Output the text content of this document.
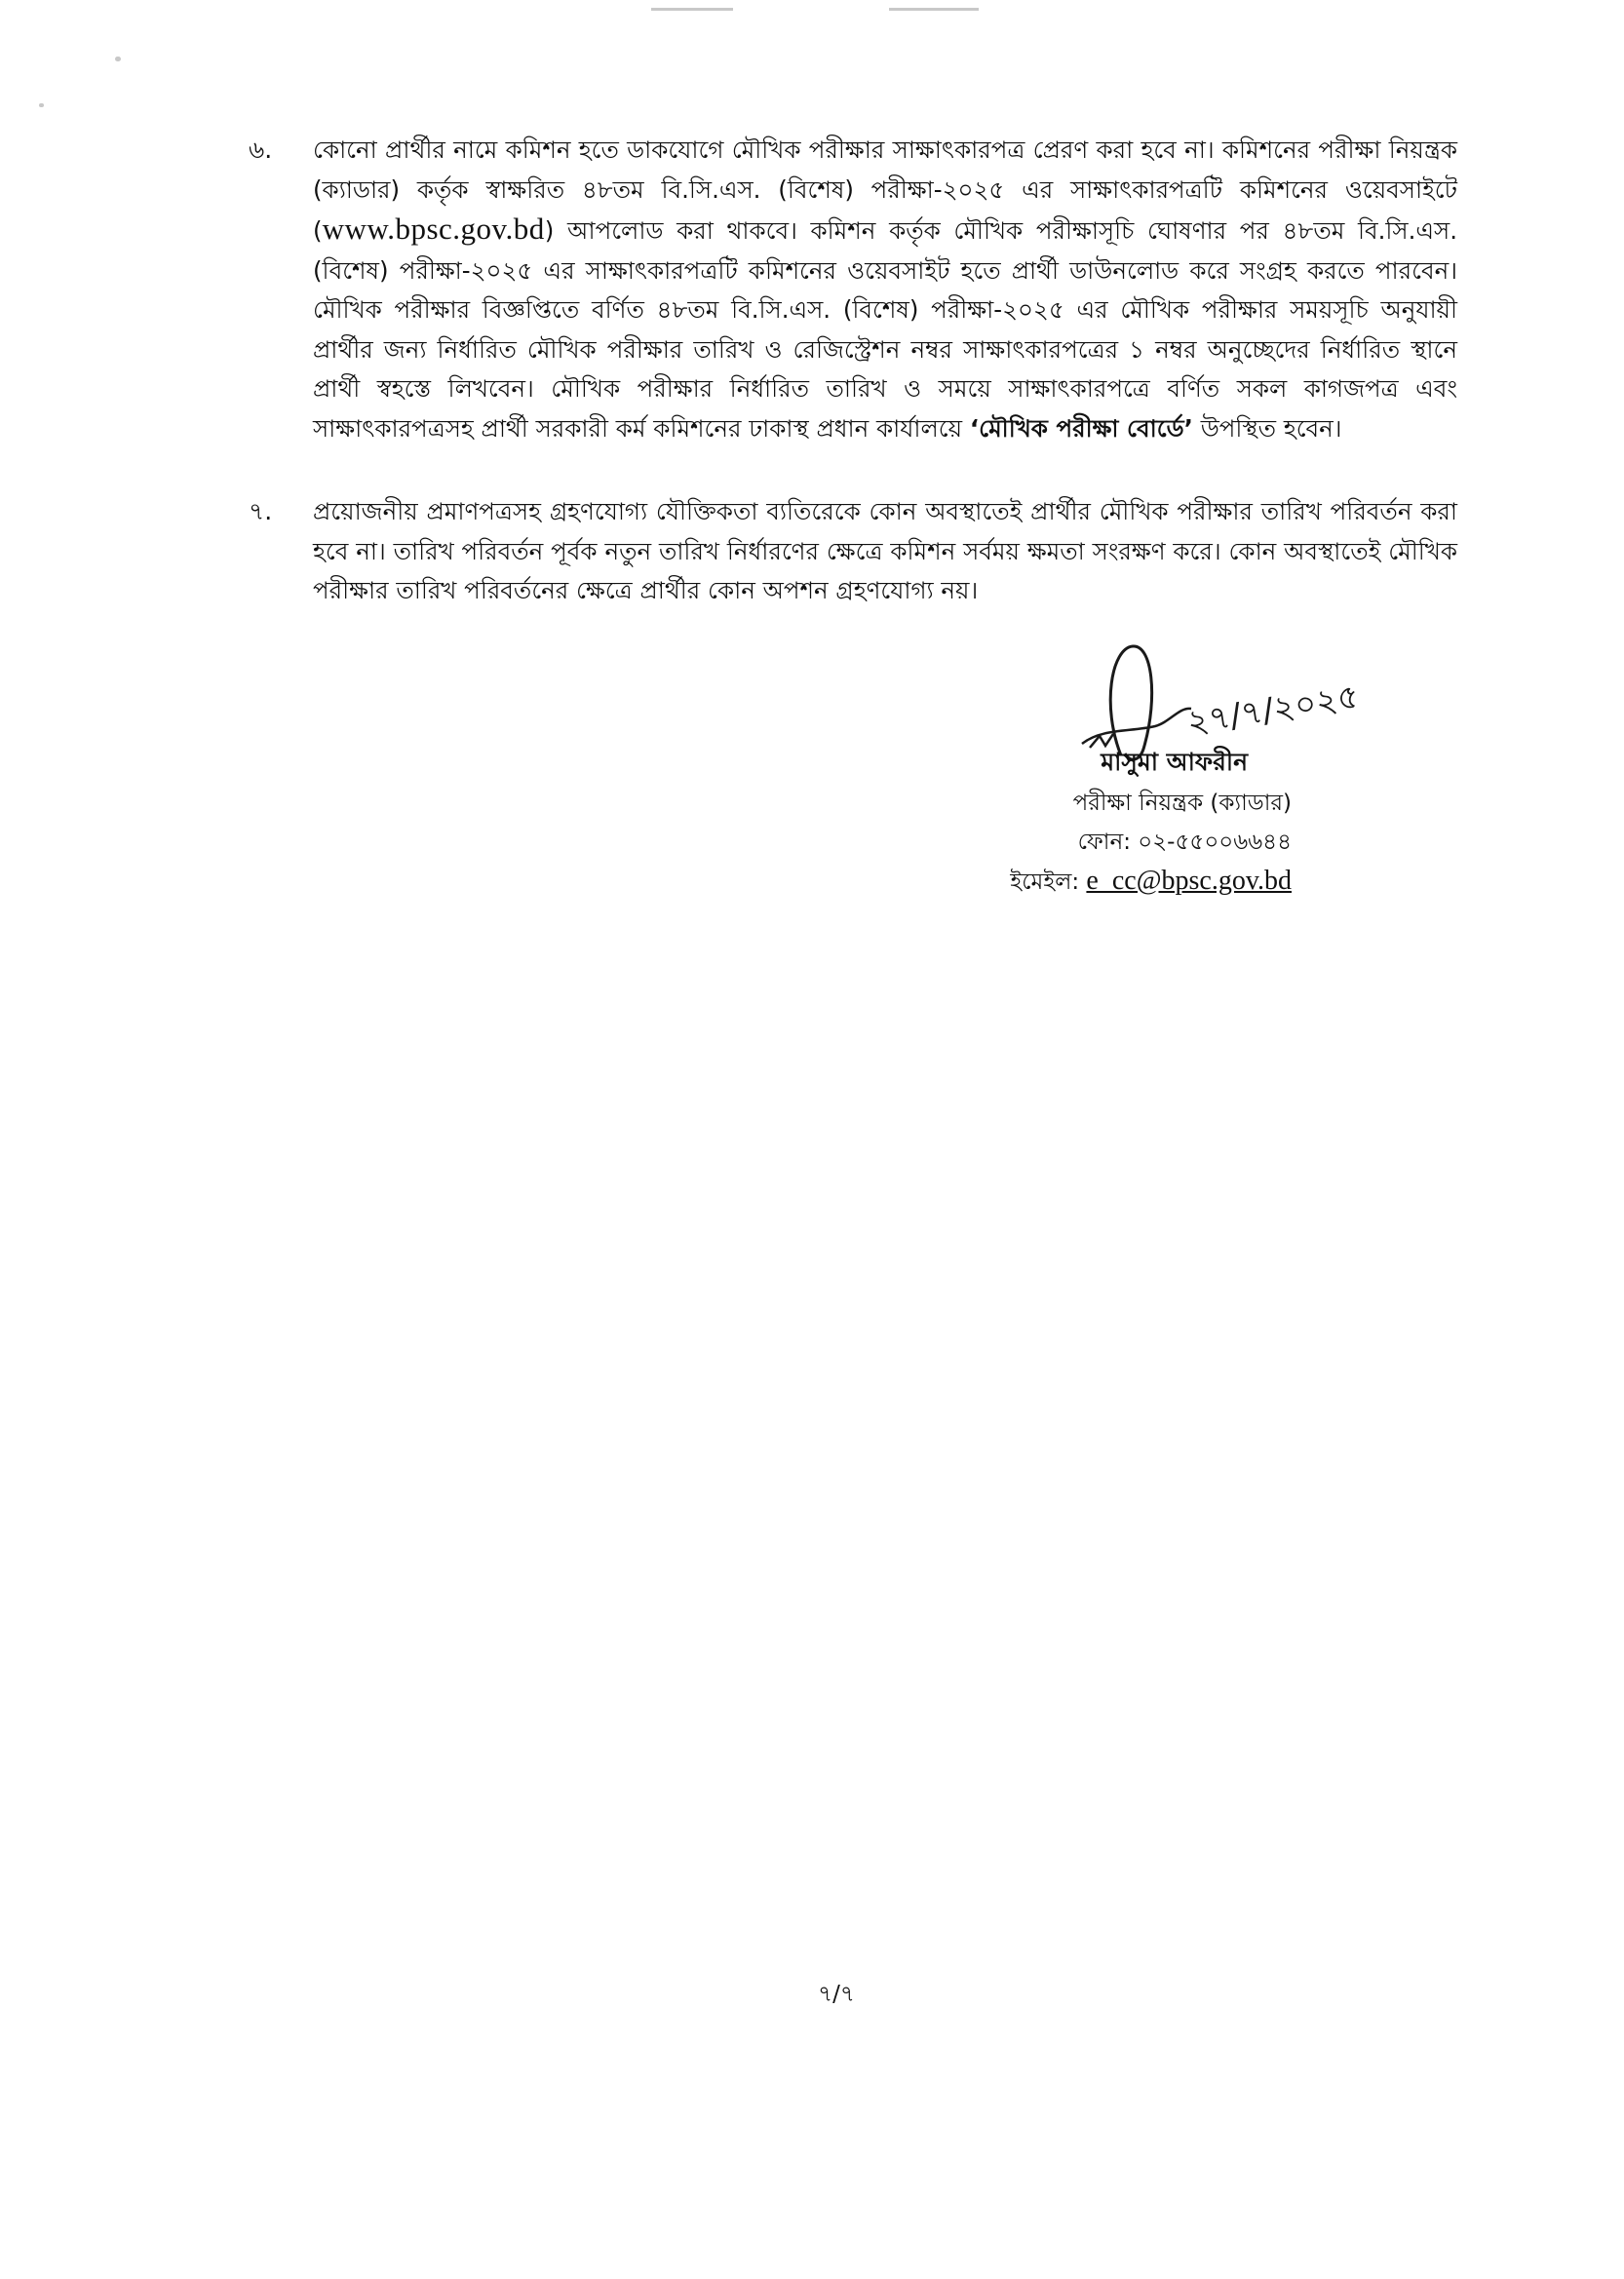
৬. কোনো প্রার্থীর নামে কমিশন হতে ডাকযোগে মৌখিক পরীক্ষার সাক্ষাৎকারপত্র প্রেরণ করা হবে না। কমিশনের পরীক্ষা নিয়ন্ত্রক (ক্যাডার) কর্তৃক স্বাক্ষরিত ৪৮তম বি.সি.এস. (বিশেষ) পরীক্ষা-২০২৫ এর সাক্ষাৎকারপত্রটি কমিশনের ওয়েবসাইটে (www.bpsc.gov.bd) আপলোড করা থাকবে। কমিশন কর্তৃক মৌখিক পরীক্ষাসূচি ঘোষণার পর ৪৮তম বি.সি.এস. (বিশেষ) পরীক্ষা-২০২৫ এর সাক্ষাৎকারপত্রটি কমিশনের ওয়েবসাইট হতে প্রার্থী ডাউনলোড করে সংগ্রহ করতে পারবেন। মৌখিক পরীক্ষার বিজ্ঞপ্তিতে বর্ণিত ৪৮তম বি.সি.এস. (বিশেষ) পরীক্ষা-২০২৫ এর মৌখিক পরীক্ষার সময়সূচি অনুযায়ী প্রার্থীর জন্য নির্ধারিত মৌখিক পরীক্ষার তারিখ ও রেজিস্ট্রেশন নম্বর সাক্ষাৎকারপত্রের ১ নম্বর অনুচ্ছেদের নির্ধারিত স্থানে প্রার্থী স্বহস্তে লিখবেন। মৌখিক পরীক্ষার নির্ধারিত তারিখ ও সময়ে সাক্ষাৎকারপত্রে বর্ণিত সকল কাগজপত্র এবং সাক্ষাৎকারপত্রসহ প্রার্থী সরকারী কর্ম কমিশনের ঢাকাস্থ প্রধান কার্যালয়ে ‘মৌখিক পরীক্ষা বোর্ডে’ উপস্থিত হবেন।
৭. প্রয়োজনীয় প্রমাণপত্রসহ গ্রহণযোগ্য যৌক্তিকতা ব্যতিরেকে কোন অবস্থাতেই প্রার্থীর মৌখিক পরীক্ষার তারিখ পরিবর্তন করা হবে না। তারিখ পরিবর্তন পূর্বক নতুন তারিখ নির্ধারণের ক্ষেত্রে কমিশন সর্বময় ক্ষমতা সংরক্ষণ করে। কোন অবস্থাতেই মৌখিক পরীক্ষার তারিখ পরিবর্তনের ক্ষেত্রে প্রার্থীর কোন অপশন গ্রহণযোগ্য নয়।
২৭/৭/২০২৫
মাসুমা আফরীন
পরীক্ষা নিয়ন্ত্রক (ক্যাডার)
ফোন: ০২-৫৫০০৬৬৪৪
ইমেইল: e_cc@bpsc.gov.bd
৭/৭
